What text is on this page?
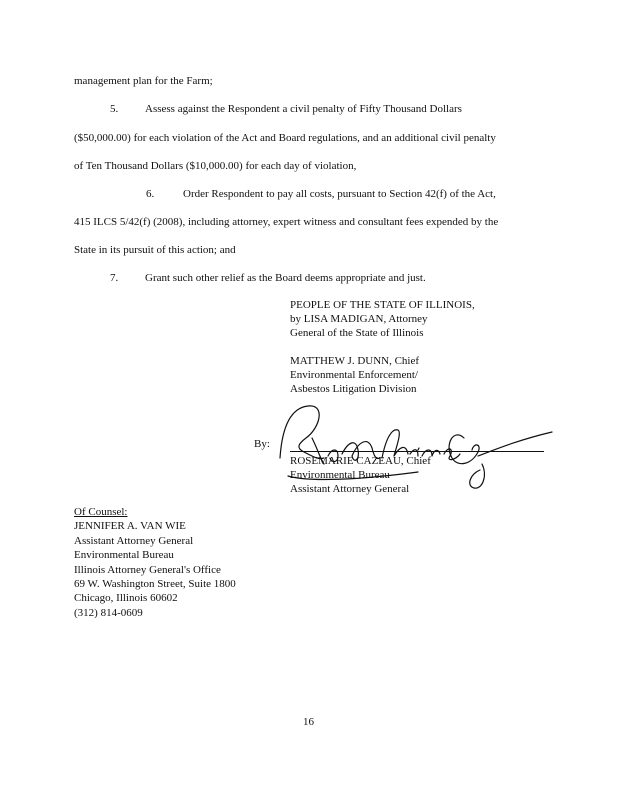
management plan for the Farm;
5. Assess against the Respondent a civil penalty of Fifty Thousand Dollars
($50,000.00) for each violation of the Act and Board regulations, and an additional civil penalty
of Ten Thousand Dollars ($10,000.00) for each day of violation,
6.	Order Respondent to pay all costs, pursuant to Section 42(f) of the Act,
415 ILCS 5/42(f) (2008), including attorney, expert witness and consultant fees expended by the
State in its pursuit of this action; and
7. Grant such other relief as the Board deems appropriate and just.
PEOPLE OF THE STATE OF ILLINOIS,
by LISA MADIGAN, Attorney
General of the State of Illinois
MATTHEW J. DUNN, Chief
Environmental Enforcement/
Asbestos Litigation Division
By:
ROSEMARIE CAZEAU, Chief
Environmental Bureau
Assistant Attorney General
Of Counsel:
JENNIFER A. VAN WIE
Assistant Attorney General
Environmental Bureau
Illinois Attorney General's Office
69 W. Washington Street, Suite 1800
Chicago, Illinois 60602
(312) 814-0609
16
